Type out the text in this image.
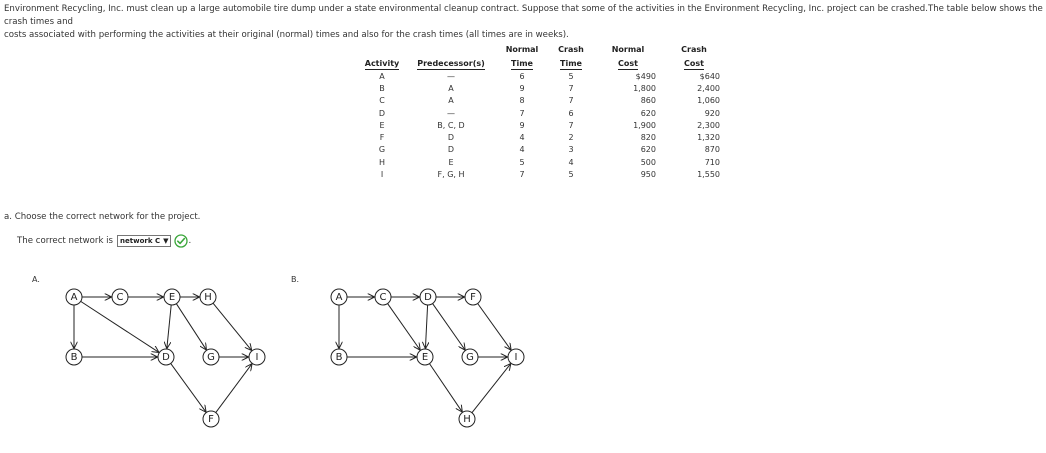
Environment Recycling, Inc. must clean up a large automobile tire dump under a state environmental cleanup contract. Suppose that some of the activities in the Environment Recycling, Inc. project can be crashed.The table below shows the crash times and
costs associated with performing the activities at their original (normal) times and also for the crash times (all times are in weeks).
		Normal	Crash	Normal	Crash
Activity	Predecessor(s)	Time	Time	Cost	Cost
A	—	6	5	$490	$640
B	A	9	7	1,800	2,400
C	A	8	7	860	1,060
D	—	7	6	620	920
E	B, C, D	9	7	1,900	2,300
F	D	4	2	820	1,320
G	D	4	3	620	870
H	E	5	4	500	710
I	F, G, H	7	5	950	1,550
a. Choose the correct network for the project.
The correct network is network C ▼ .
A.	B.
A	C	E	H
B	D	G	I
F
A	C	D	F
B	E	G	I
H
